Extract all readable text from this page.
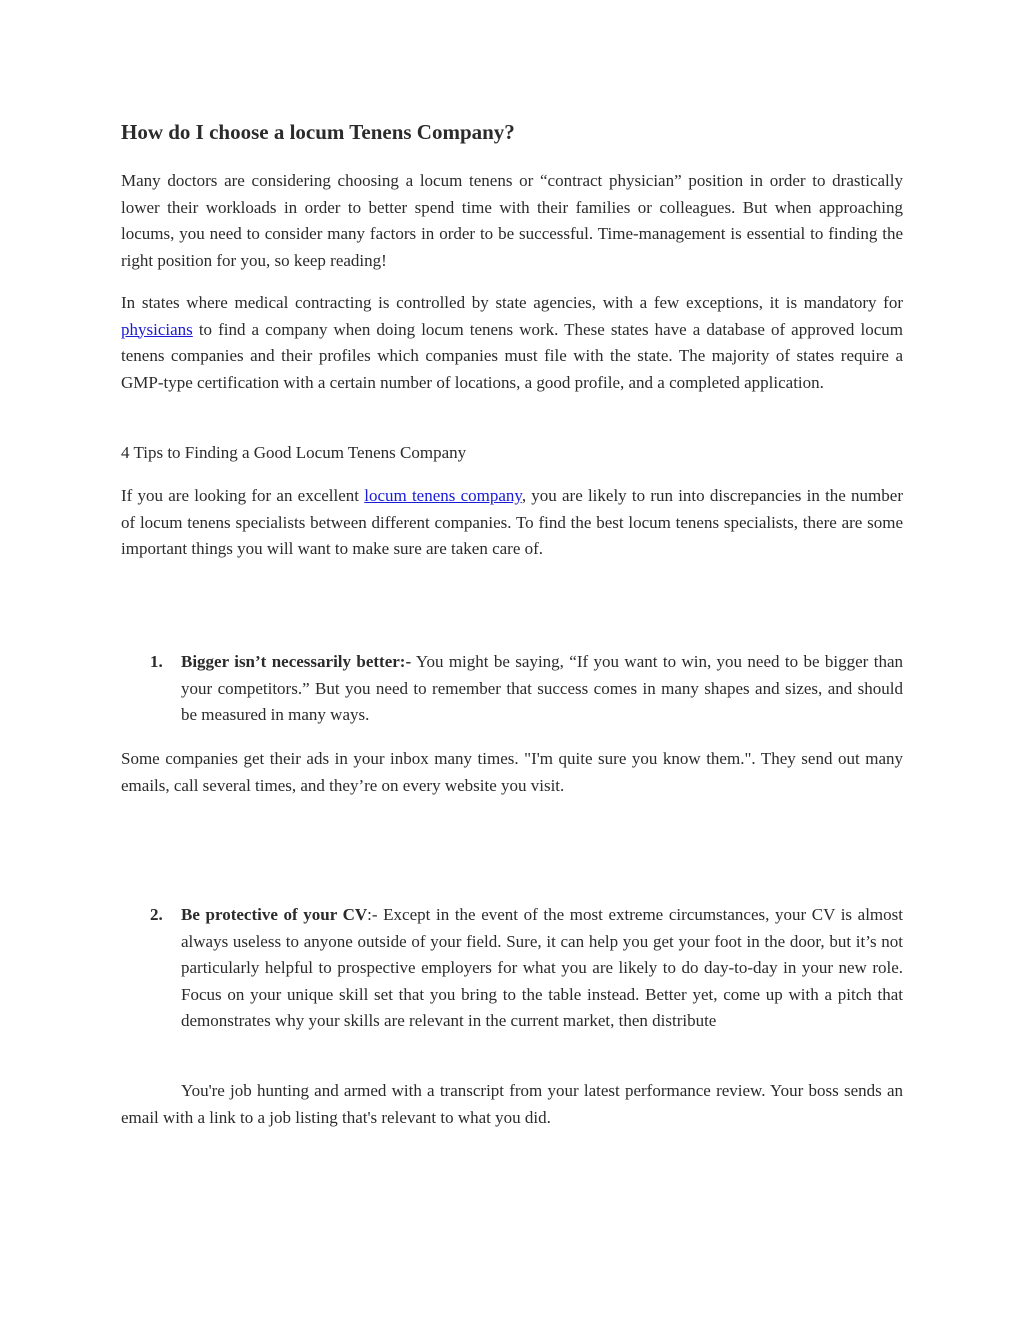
How do I choose a locum Tenens Company?

Many doctors are considering choosing a locum tenens or “contract physician” position in order to drastically lower their workloads in order to better spend time with their families or colleagues. But when approaching locums, you need to consider many factors in order to be successful. Time-management is essential to finding the right position for you, so keep reading!

In states where medical contracting is controlled by state agencies, with a few exceptions, it is mandatory for physicians to find a company when doing locum tenens work. These states have a database of approved locum tenens companies and their profiles which companies must file with the state. The majority of states require a GMP-type certification with a certain number of locations, a good profile, and a completed application.

4 Tips to Finding a Good Locum Tenens Company

If you are looking for an excellent locum tenens company, you are likely to run into discrepancies in the number of locum tenens specialists between different companies. To find the best locum tenens specialists, there are some important things you will want to make sure are taken care of.

1.	Bigger isn’t necessarily better:- You might be saying, “If you want to win, you need to be bigger than your competitors.” But you need to remember that success comes in many shapes and sizes, and should be measured in many ways.

Some companies get their ads in your inbox many times. "I'm quite sure you know them.". They send out many emails, call several times, and they’re on every website you visit.

2.	Be protective of your CV:- Except in the event of the most extreme circumstances, your CV is almost always useless to anyone outside of your field. Sure, it can help you get your foot in the door, but it’s not particularly helpful to prospective employers for what you are likely to do day-to-day in your new role. Focus on your unique skill set that you bring to the table instead. Better yet, come up with a pitch that demonstrates why your skills are relevant in the current market, then distribute

You're job hunting and armed with a transcript from your latest performance review. Your boss sends an email with a link to a job listing that's relevant to what you did.
